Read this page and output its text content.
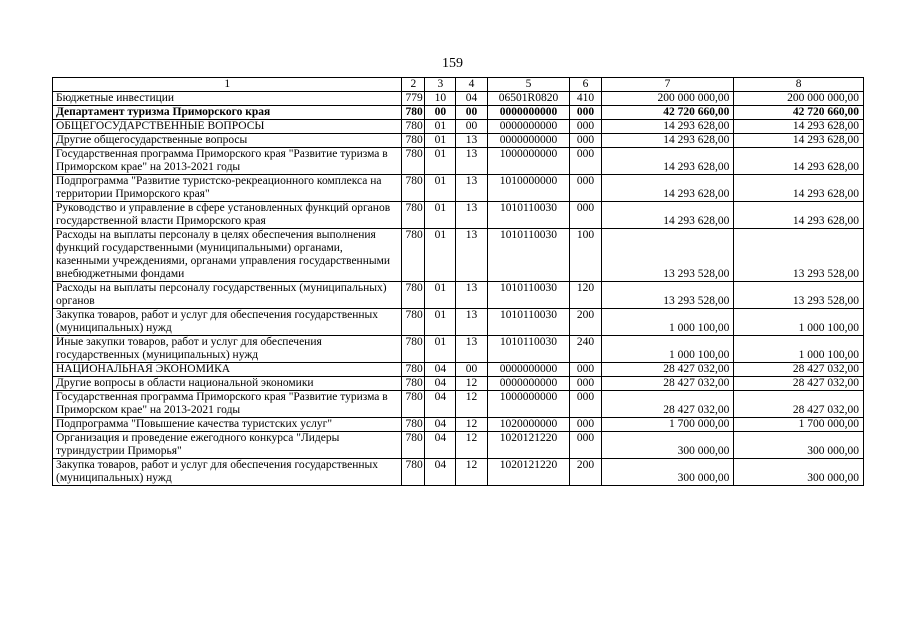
159
1	2	3	4	5	6	7	8
Бюджетные инвестиции	779	10	04	06501R0820	410	200 000 000,00	200 000 000,00
Департамент туризма Приморского края	780	00	00	0000000000	000	42 720 660,00	42 720 660,00
ОБЩЕГОСУДАРСТВЕННЫЕ ВОПРОСЫ	780	01	00	0000000000	000	14 293 628,00	14 293 628,00
Другие общегосударственные вопросы	780	01	13	0000000000	000	14 293 628,00	14 293 628,00
Государственная программа Приморского края "Развитие туризма в Приморском крае" на 2013-2021 годы	780	01	13	1000000000	000	14 293 628,00	14 293 628,00
Подпрограмма "Развитие туристско-рекреационного комплекса на территории Приморского края"	780	01	13	1010000000	000	14 293 628,00	14 293 628,00
Руководство и управление в сфере установленных функций органов государственной власти Приморского края	780	01	13	1010110030	000	14 293 628,00	14 293 628,00
Расходы на выплаты персоналу в целях обеспечения выполнения функций государственными (муниципальными) органами, казенными учреждениями, органами управления государственными внебюджетными фондами	780	01	13	1010110030	100	13 293 528,00	13 293 528,00
Расходы на выплаты персоналу государственных (муниципальных) органов	780	01	13	1010110030	120	13 293 528,00	13 293 528,00
Закупка товаров, работ и услуг для обеспечения государственных (муниципальных) нужд	780	01	13	1010110030	200	1 000 100,00	1 000 100,00
Иные закупки товаров, работ и услуг для обеспечения государственных (муниципальных) нужд	780	01	13	1010110030	240	1 000 100,00	1 000 100,00
НАЦИОНАЛЬНАЯ ЭКОНОМИКА	780	04	00	0000000000	000	28 427 032,00	28 427 032,00
Другие вопросы в области национальной экономики	780	04	12	0000000000	000	28 427 032,00	28 427 032,00
Государственная программа Приморского края "Развитие туризма в Приморском крае" на 2013-2021 годы	780	04	12	1000000000	000	28 427 032,00	28 427 032,00
Подпрограмма "Повышение качества туристских услуг"	780	04	12	1020000000	000	1 700 000,00	1 700 000,00
Организация и проведение ежегодного конкурса "Лидеры туриндустрии Приморья"	780	04	12	1020121220	000	300 000,00	300 000,00
Закупка товаров, работ и услуг для обеспечения государственных (муниципальных) нужд	780	04	12	1020121220	200	300 000,00	300 000,00
